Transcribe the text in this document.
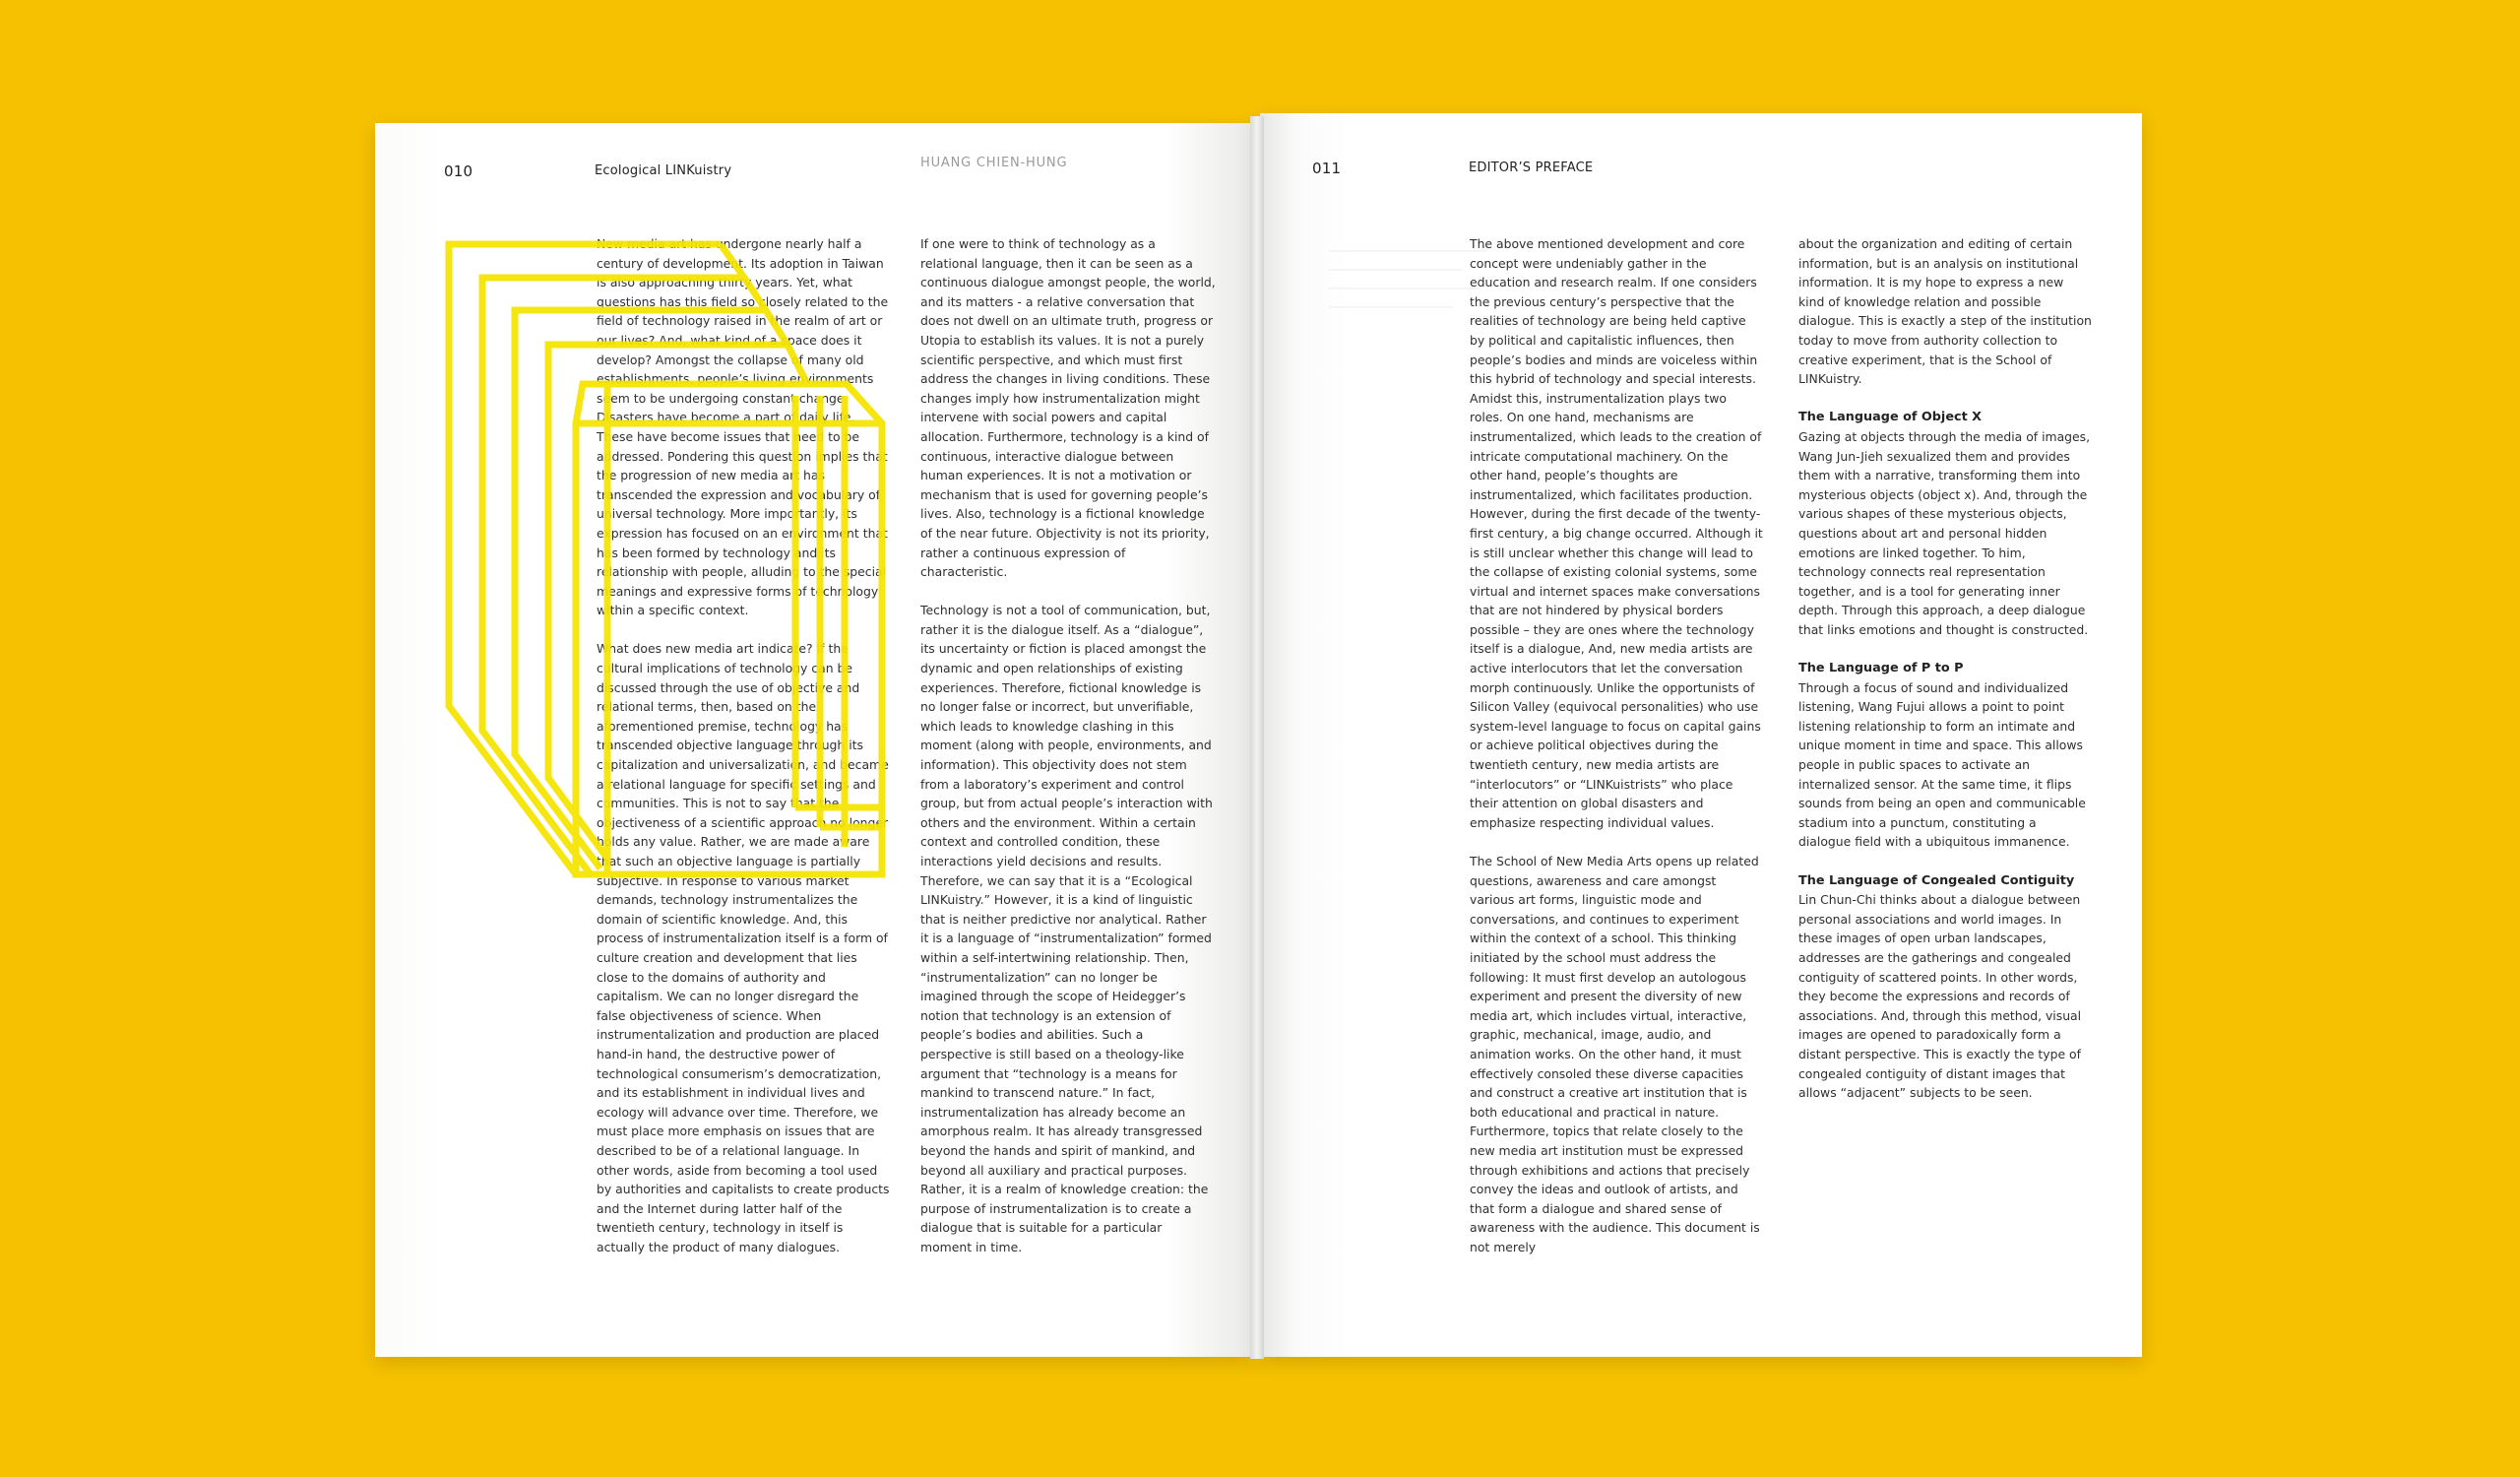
010	Ecological LINKuistry
HUANG CHIEN-HUNG

New media art has undergone nearly half a century of development. Its adoption in Taiwan is also approaching thirty years. Yet, what questions has this field so closely related to the field of technology raised in the realm of art or our lives? And, what kind of a space does it develop? Amongst the collapse of many old establishments, people’s living environments seem to be undergoing constant change. Disasters have become a part of daily life. These have become issues that need to be addressed. Pondering this question implies that the progression of new media art has transcended the expression and vocabulary of universal technology. More importantly, its expression has focused on an environment that has been formed by technology and its relationship with people, alluding to the special meanings and expressive forms of technology within a specific context.

What does new media art indicate? If the cultural implications of technology can be discussed through the use of objective and relational terms, then, based on the aforementioned premise, technology has transcended objective language through its capitalization and universalization, and became a relational language for specific settings and communities. This is not to say that the objectiveness of a scientific approach no longer holds any value. Rather, we are made aware that such an objective language is partially subjective. In response to various market demands, technology instrumentalizes the domain of scientific knowledge. And, this process of instrumentalization itself is a form of culture creation and development that lies close to the domains of authority and capitalism. We can no longer disregard the false objectiveness of science. When instrumentalization and production are placed hand-in hand, the destructive power of technological consumerism’s democratization, and its establishment in individual lives and ecology will advance over time. Therefore, we must place more emphasis on issues that are described to be of a relational language. In other words, aside from becoming a tool used by authorities and capitalists to create products and the Internet during latter half of the twentieth century, technology in itself is actually the product of many dialogues.

If one were to think of technology as a relational language, then it can be seen as a continuous dialogue amongst people, the world, and its matters - a relative conversation that does not dwell on an ultimate truth, progress or Utopia to establish its values. It is not a purely scientific perspective, and which must first address the changes in living conditions. These changes imply how instrumentalization might intervene with social powers and capital allocation. Furthermore, technology is a kind of continuous, interactive dialogue between human experiences. It is not a motivation or mechanism that is used for governing people’s lives. Also, technology is a fictional knowledge of the near future. Objectivity is not its priority, rather a continuous expression of characteristic.

Technology is not a tool of communication, but, rather it is the dialogue itself. As a “dialogue”, its uncertainty or fiction is placed amongst the dynamic and open relationships of existing experiences. Therefore, fictional knowledge is no longer false or incorrect, but unverifiable, which leads to knowledge clashing in this moment (along with people, environments, and information). This objectivity does not stem from a laboratory’s experiment and control group, but from actual people’s interaction with others and the environment. Within a certain context and controlled condition, these interactions yield decisions and results. Therefore, we can say that it is a “Ecological LINKuistry.” However, it is a kind of linguistic that is neither predictive nor analytical. Rather it is a language of “instrumentalization” formed within a self-intertwining relationship. Then, “instrumentalization” can no longer be imagined through the scope of Heidegger’s notion that technology is an extension of people’s bodies and abilities. Such a perspective is still based on a theology-like argument that “technology is a means for mankind to transcend nature.” In fact, instrumentalization has already become an amorphous realm. It has already transgressed beyond the hands and spirit of mankind, and beyond all auxiliary and practical purposes. Rather, it is a realm of knowledge creation: the purpose of instrumentalization is to create a dialogue that is suitable for a particular moment in time.

011	EDITOR’S PREFACE

The above mentioned development and core concept were undeniably gather in the education and research realm. If one considers the previous century’s perspective that the realities of technology are being held captive by political and capitalistic influences, then people’s bodies and minds are voiceless within this hybrid of technology and special interests. Amidst this, instrumentalization plays two roles. On one hand, mechanisms are instrumentalized, which leads to the creation of intricate computational machinery. On the other hand, people’s thoughts are instrumentalized, which facilitates production. However, during the first decade of the twenty-first century, a big change occurred. Although it is still unclear whether this change will lead to the collapse of existing colonial systems, some virtual and internet spaces make conversations that are not hindered by physical borders possible – they are ones where the technology itself is a dialogue, And, new media artists are active interlocutors that let the conversation morph continuously. Unlike the opportunists of Silicon Valley (equivocal personalities) who use system-level language to focus on capital gains or achieve political objectives during the twentieth century, new media artists are “interlocutors” or “LINKuistrists” who place their attention on global disasters and emphasize respecting individual values.

The School of New Media Arts opens up related questions, awareness and care amongst various art forms, linguistic mode and conversations, and continues to experiment within the context of a school. This thinking initiated by the school must address the following: It must first develop an autologous experiment and present the diversity of new media art, which includes virtual, interactive, graphic, mechanical, image, audio, and animation works. On the other hand, it must effectively consoled these diverse capacities and construct a creative art institution that is both educational and practical in nature. Furthermore, topics that relate closely to the new media art institution must be expressed through exhibitions and actions that precisely convey the ideas and outlook of artists, and that form a dialogue and shared sense of awareness with the audience. This document is not merely

about the organization and editing of certain information, but is an analysis on institutional information. It is my hope to express a new kind of knowledge relation and possible dialogue. This is exactly a step of the institution today to move from authority collection to creative experiment, that is the School of LINKuistry.

The Language of Object X

Gazing at objects through the media of images, Wang Jun-Jieh sexualized them and provides them with a narrative, transforming them into mysterious objects (object x). And, through the various shapes of these mysterious objects, questions about art and personal hidden emotions are linked together. To him, technology connects real representation together, and is a tool for generating inner depth. Through this approach, a deep dialogue that links emotions and thought is constructed.

The Language of P to P

Through a focus of sound and individualized listening, Wang Fujui allows a point to point listening relationship to form an intimate and unique moment in time and space. This allows people in public spaces to activate an internalized sensor. At the same time, it flips sounds from being an open and communicable stadium into a punctum, constituting a dialogue field with a ubiquitous immanence.

The Language of Congealed Contiguity

Lin Chun-Chi thinks about a dialogue between personal associations and world images. In these images of open urban landscapes, addresses are the gatherings and congealed contiguity of scattered points. In other words, they become the expressions and records of associations. And, through this method, visual images are opened to paradoxically form a distant perspective. This is exactly the type of congealed contiguity of distant images that allows “adjacent” subjects to be seen.
